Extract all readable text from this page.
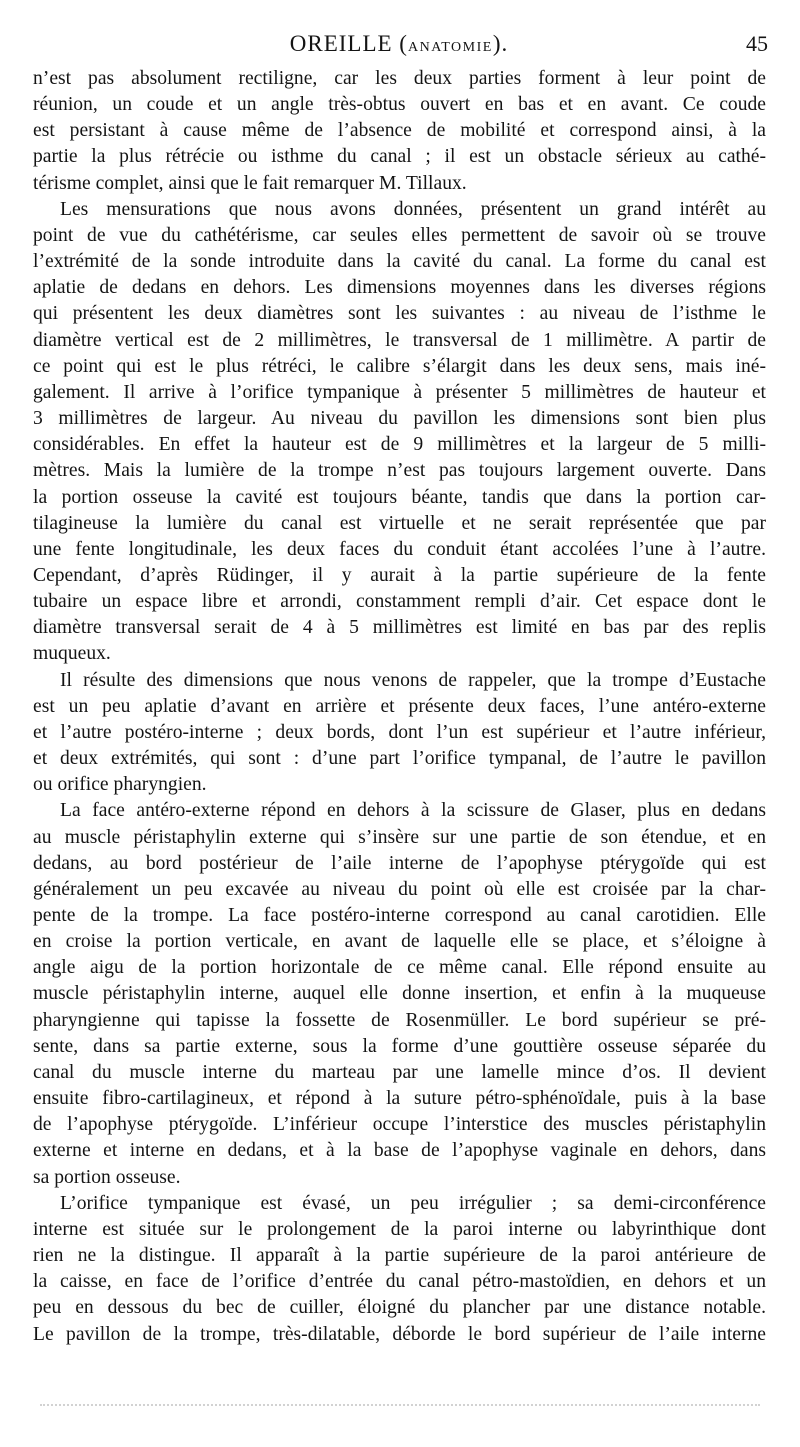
OREILLE (ANATOMIE).	45

n’est pas absolument rectiligne, car les deux parties forment à leur point de
réunion, un coude et un angle très-obtus ouvert en bas et en avant. Ce coude
est persistant à cause même de l’absence de mobilité et correspond ainsi, à la
partie la plus rétrécie ou isthme du canal ; il est un obstacle sérieux au cathé-
térisme complet, ainsi que le fait remarquer M. Tillaux.

Les mensurations que nous avons données, présentent un grand intérêt au
point de vue du cathétérisme, car seules elles permettent de savoir où se trouve
l’extrémité de la sonde introduite dans la cavité du canal. La forme du canal est
aplatie de dedans en dehors. Les dimensions moyennes dans les diverses régions
qui présentent les deux diamètres sont les suivantes : au niveau de l’isthme le
diamètre vertical est de 2 millimètres, le transversal de 1 millimètre. A partir de
ce point qui est le plus rétréci, le calibre s’élargit dans les deux sens, mais iné-
galement. Il arrive à l’orifice tympanique à présenter 5 millimètres de hauteur et
3 millimètres de largeur. Au niveau du pavillon les dimensions sont bien plus
considérables. En effet la hauteur est de 9 millimètres et la largeur de 5 milli-
mètres. Mais la lumière de la trompe n’est pas toujours largement ouverte. Dans
la portion osseuse la cavité est toujours béante, tandis que dans la portion car-
tilagineuse la lumière du canal est virtuelle et ne serait représentée que par
une fente longitudinale, les deux faces du conduit étant accolées l’une à l’autre.
Cependant, d’après Rüdinger, il y aurait à la partie supérieure de la fente
tubaire un espace libre et arrondi, constamment rempli d’air. Cet espace dont le
diamètre transversal serait de 4 à 5 millimètres est limité en bas par des replis
muqueux.

Il résulte des dimensions que nous venons de rappeler, que la trompe d’Eustache
est un peu aplatie d’avant en arrière et présente deux faces, l’une antéro-externe
et l’autre postéro-interne ; deux bords, dont l’un est supérieur et l’autre inférieur,
et deux extrémités, qui sont : d’une part l’orifice tympanal, de l’autre le pavillon
ou orifice pharyngien.

La face antéro-externe répond en dehors à la scissure de Glaser, plus en dedans
au muscle péristaphylin externe qui s’insère sur une partie de son étendue, et en
dedans, au bord postérieur de l’aile interne de l’apophyse ptérygoïde qui est
généralement un peu excavée au niveau du point où elle est croisée par la char-
pente de la trompe. La face postéro-interne correspond au canal carotidien. Elle
en croise la portion verticale, en avant de laquelle elle se place, et s’éloigne à
angle aigu de la portion horizontale de ce même canal. Elle répond ensuite au
muscle péristaphylin interne, auquel elle donne insertion, et enfin à la muqueuse
pharyngienne qui tapisse la fossette de Rosenmüller. Le bord supérieur se pré-
sente, dans sa partie externe, sous la forme d’une gouttière osseuse séparée du
canal du muscle interne du marteau par une lamelle mince d’os. Il devient
ensuite fibro-cartilagineux, et répond à la suture pétro-sphénoïdale, puis à la base
de l’apophyse ptérygoïde. L’inférieur occupe l’interstice des muscles péristaphylin
externe et interne en dedans, et à la base de l’apophyse vaginale en dehors, dans
sa portion osseuse.

L’orifice tympanique est évasé, un peu irrégulier ; sa demi-circonférence
interne est située sur le prolongement de la paroi interne ou labyrinthique dont
rien ne la distingue. Il apparaît à la partie supérieure de la paroi antérieure de
la caisse, en face de l’orifice d’entrée du canal pétro-mastoïdien, en dehors et un
peu en dessous du bec de cuiller, éloigné du plancher par une distance notable.
Le pavillon de la trompe, très-dilatable, déborde le bord supérieur de l’aile interne
